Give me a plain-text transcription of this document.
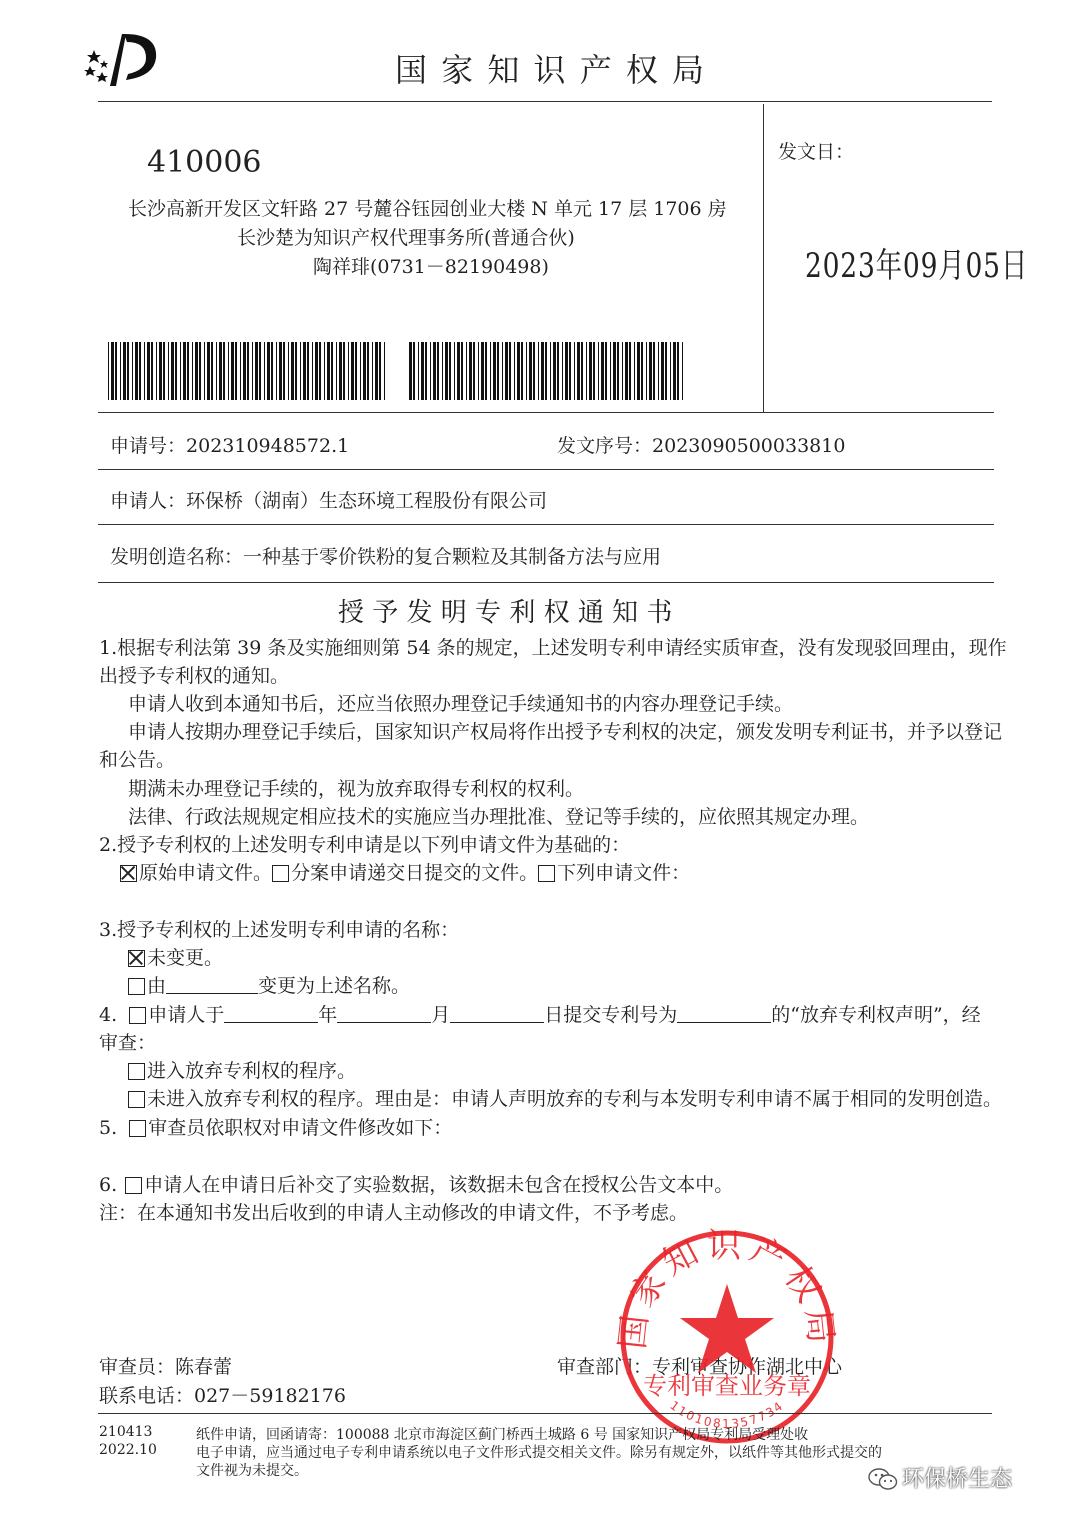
国 家 知 识 产 权 局
410006
长沙高新开发区文轩路 27 号麓谷钰园创业大楼 N 单元 17 层 1706 房
长沙楚为知识产权代理事务所(普通合伙)
陶祥琲(0731－82190498)
发文日：
2023年09月05日
申请号：202310948572.1	发文序号：2023090500033810
申请人：环保桥（湖南）生态环境工程股份有限公司
发明创造名称：一种基于零价铁粉的复合颗粒及其制备方法与应用
授 予 发 明 专 利 权 通 知 书
1.根据专利法第 39 条及实施细则第 54 条的规定，上述发明专利申请经实质审查，没有发现驳回理由，现作
出授予专利权的通知。
申请人收到本通知书后，还应当依照办理登记手续通知书的内容办理登记手续。
申请人按期办理登记手续后，国家知识产权局将作出授予专利权的决定，颁发发明专利证书，并予以登记
和公告。
期满未办理登记手续的，视为放弃取得专利权的权利。
法律、行政法规规定相应技术的实施应当办理批准、登记等手续的，应依照其规定办理。
2.授予专利权的上述发明专利申请是以下列申请文件为基础的：
原始申请文件。 分案申请递交日提交的文件。 下列申请文件：
3.授予专利权的上述发明专利申请的名称：
未变更。
由	变更为上述名称。
4. 申请人于	年	月	日提交专利号为	的“放弃专利权声明”，经
审查：
进入放弃专利权的程序。
未进入放弃专利权的程序。理由是：申请人声明放弃的专利与本发明专利申请不属于相同的发明创造。
5. 审查员依职权对申请文件修改如下：
6. 申请人在申请日后补交了实验数据，该数据未包含在授权公告文本中。
注：在本通知书发出后收到的申请人主动修改的申请文件，不予考虑。
审查员：陈春蕾
联系电话：027－59182176
审查部门：专利审查协作湖北中心
国家知识产权局
专利审查业务章
1101081357734
210413
2022.10
纸件申请，回函请寄：100088 北京市海淀区蓟门桥西土城路 6 号 国家知识产权局专利局受理处收
电子申请，应当通过电子专利申请系统以电子文件形式提交相关文件。除另有规定外，以纸件等其他形式提交的
文件视为未提交。	环保桥生态
